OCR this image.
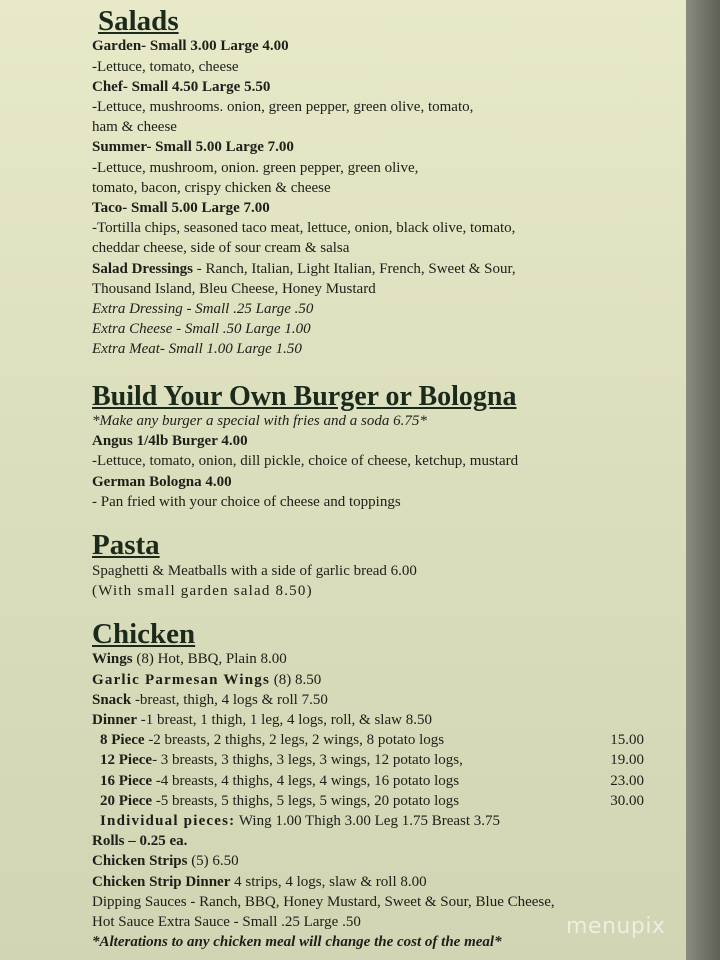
Salads
Garden- Small 3.00 Large 4.00
-Lettuce, tomato, cheese
Chef- Small 4.50 Large 5.50
-Lettuce, mushrooms. onion, green pepper, green olive, tomato,
ham & cheese
Summer- Small 5.00 Large 7.00
-Lettuce, mushroom, onion. green pepper, green olive,
tomato, bacon, crispy chicken & cheese
Taco- Small 5.00 Large 7.00
-Tortilla chips, seasoned taco meat, lettuce, onion, black olive, tomato,
cheddar cheese, side of sour cream & salsa
Salad Dressings - Ranch, Italian, Light Italian, French, Sweet & Sour,
Thousand Island, Bleu Cheese, Honey Mustard
Extra Dressing - Small .25 Large .50
Extra Cheese - Small .50 Large 1.00
Extra Meat- Small 1.00 Large 1.50
Build Your Own Burger or Bologna
*Make any burger a special with fries and a soda 6.75*
Angus 1/4lb Burger 4.00
-Lettuce, tomato, onion, dill pickle, choice of cheese, ketchup, mustard
German Bologna 4.00
- Pan fried with your choice of cheese and toppings
Pasta
Spaghetti & Meatballs with a side of garlic bread 6.00
(With small garden salad 8.50)
Chicken
Wings (8) Hot, BBQ, Plain 8.00
Garlic Parmesan Wings (8) 8.50
Snack -breast, thigh, 4 logs & roll 7.50
Dinner -1 breast, 1 thigh, 1 leg, 4 logs, roll, & slaw 8.50
8 Piece -2 breasts, 2 thighs, 2 legs, 2 wings, 8 potato logs	15.00
12 Piece- 3 breasts, 3 thighs, 3 legs, 3 wings, 12 potato logs,	19.00
16 Piece -4 breasts, 4 thighs, 4 legs, 4 wings, 16 potato logs	23.00
20 Piece -5 breasts, 5 thighs, 5 legs, 5 wings, 20 potato logs	30.00
Individual pieces: Wing 1.00 Thigh 3.00 Leg 1.75 Breast 3.75
Rolls – 0.25 ea.
Chicken Strips (5) 6.50
Chicken Strip Dinner 4 strips, 4 logs, slaw & roll 8.00
Dipping Sauces - Ranch, BBQ, Honey Mustard, Sweet & Sour, Blue Cheese,
Hot Sauce Extra Sauce - Small .25 Large .50
*Alterations to any chicken meal will change the cost of the meal*
menupix
